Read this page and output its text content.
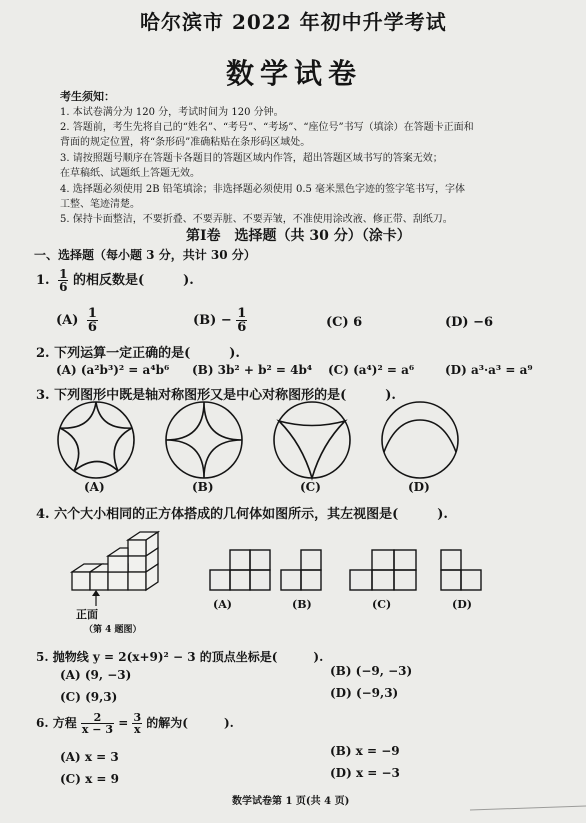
哈尔滨市 2022 年初中升学考试
数学试卷
考生须知：
1. 本试卷满分为 120 分，考试时间为 120 分钟。
2. 答题前，考生先将自己的“姓名”、“考号”、“考场”、“座位号”书写（填涂）在答题卡正面和
背面的规定位置，将“条形码”准确粘贴在条形码区域处。
3. 请按照题号顺序在答题卡各题目的答题区域内作答，超出答题区域书写的答案无效；
在草稿纸、试题纸上答题无效。
4. 选择题必须使用 2B 铅笔填涂；非选择题必须使用 0.5 毫米黑色字迹的签字笔书写，字体
工整、笔迹清楚。
5. 保持卡面整洁，不要折叠、不要弄脏、不要弄皱，不准使用涂改液、修正带、刮纸刀。
第Ⅰ卷　选择题（共 30 分）（涂卡）
一、选择题（每小题 3 分，共计 30 分）
1. $\frac{1}{6}$ 的相反数是(　　　).
$(A) \frac{1}{6}$	$(B) - \frac{1}{6}$	(C) 6	(D) −6
2. 下列运算一定正确的是(　　　).
(A) (a²b³)² = a⁴b⁶ (B) 3b² + b² = 4b⁴ (C) (a⁴)² = a⁶	(D) a³·a³ = a⁹
3. 下列图形中既是轴对称图形又是中心对称图形的是(　　　).
(A)	(B)	(C)	(D)
4. 六个大小相同的正方体搭成的几何体如图所示，其左视图是(　　　).
正面
（第 4 题图）
(A)	(B)	(C)	(D)
5. 抛物线 y = 2(x+9)² − 3 的顶点坐标是(　　　).
(A) (9, −3)	(B) (−9, −3)
(C) (9,3)	(D) (−9,3)
6. 方程 $\frac{2}{x - 3} = \frac{3}{x}$ 的解为(　　　).
(A) x = 3	(B) x = −9
(C) x = 9	(D) x = −3
数学试卷第 1 页(共 4 页)
